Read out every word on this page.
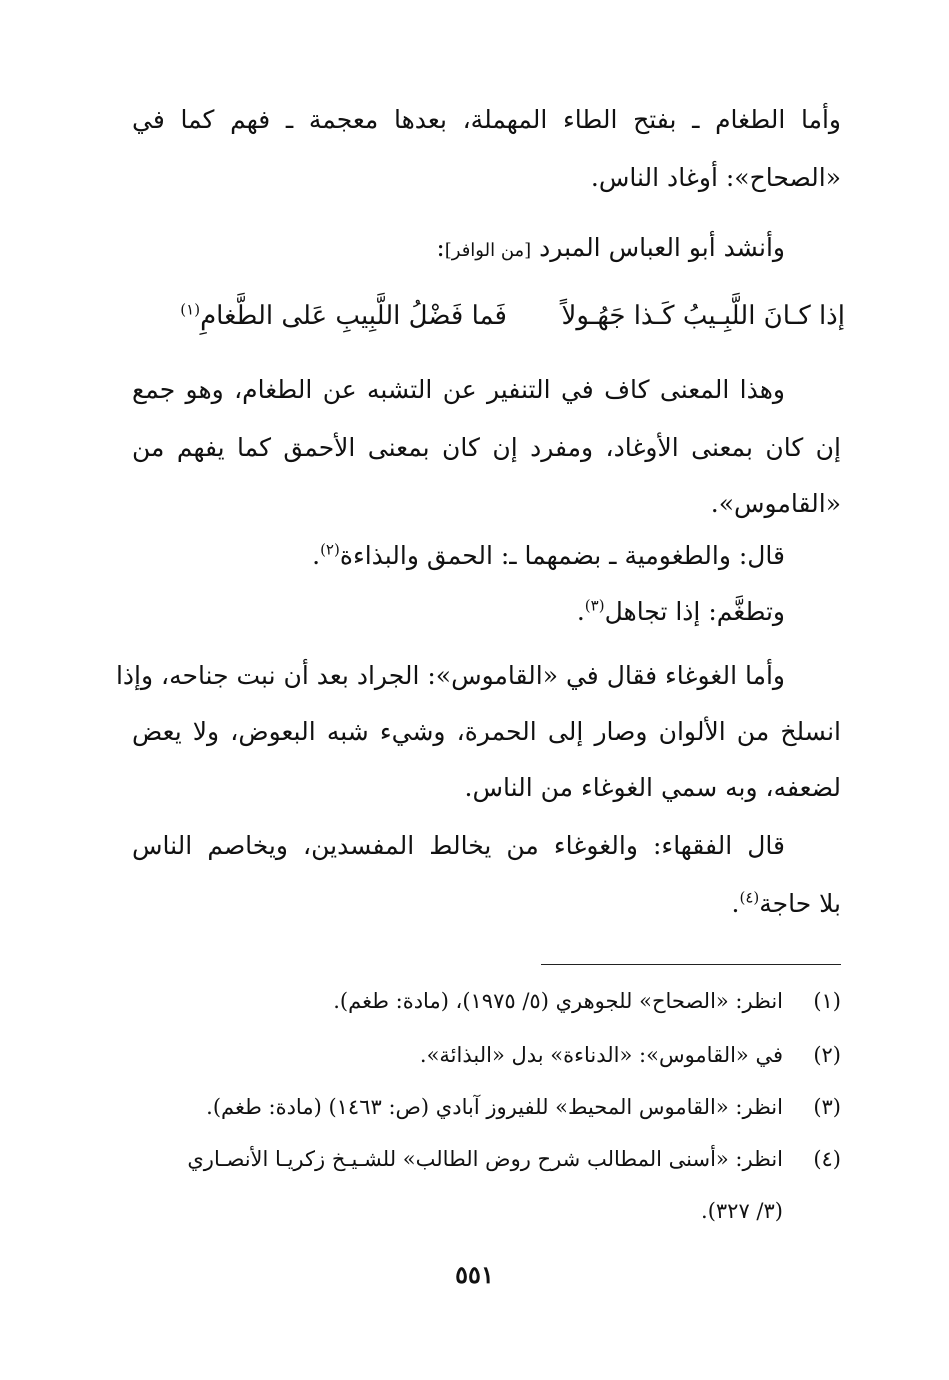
وأما الطغام ـ بفتح الطاء المهملة، بعدها معجمة ـ فهم كما في
«الصحاح»: أوغاد الناس.
وأنشد أبو العباس المبرد [من الوافر]:
إذا كـانَ اللَّبِـيبُ كَـذا جَهُـولاً
فَما فَضْلُ اللَّبِيبِ عَلى الطَّغامِ$^{(١)}$
وهذا المعنى كاف في التنفير عن التشبه عن الطغام، وهو جمع
إن كان بمعنى الأوغاد، ومفرد إن كان بمعنى الأحمق كما يفهم من
«القاموس».
قال: والطغومية ـ بضمهما ـ: الحمق والبذاءة$^{(٢)}$.
وتطغَّم: إذا تجاهل$^{(٣)}$.
وأما الغوغاء فقال في «القاموس»: الجراد بعد أن نبت جناحه، وإذا
انسلخ من الألوان وصار إلى الحمرة، وشيء شبه البعوض، ولا يعض
لضعفه، وبه سمي الغوغاء من الناس.
قال الفقهاء: والغوغاء من يخالط المفسدين، ويخاصم الناس
بلا حاجة$^{(٤)}$.
(١)انظر: «الصحاح» للجوهري (٥/ ١٩٧٥)، (مادة: طغم).
(٢)في «القاموس»: «الدناءة» بدل «البذائة».
(٣)انظر: «القاموس المحيط» للفيروز آبادي (ص: ١٤٦٣) (مادة: طغم).
(٤)انظر: «أسنى المطالب شرح روض الطالب» للشـيـخ زكريـا الأنصـاري
(٣/ ٣٢٧).
٥٥١
